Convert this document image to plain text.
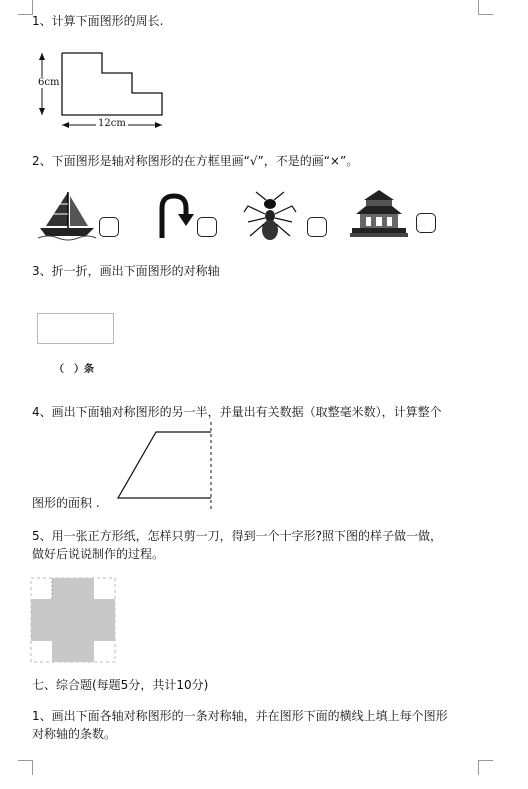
1、计算下面图形的周长.
6cm
12cm
2、下面图形是轴对称图形的在方框里画“√”，不是的画“×”。
3、折一折，画出下面图形的对称轴
（　）条
4、画出下面轴对称图形的另一半，并量出有关数据（取整毫米数），计算整个
图形的面积 .
5、用一张正方形纸，怎样只剪一刀，得到一个十字形?照下图的样子做一做，
做好后说说制作的过程。
七、综合题(每题5分，共计10分)
1、画出下面各轴对称图形的一条对称轴，并在图形下面的横线上填上每个图形
对称轴的条数。
